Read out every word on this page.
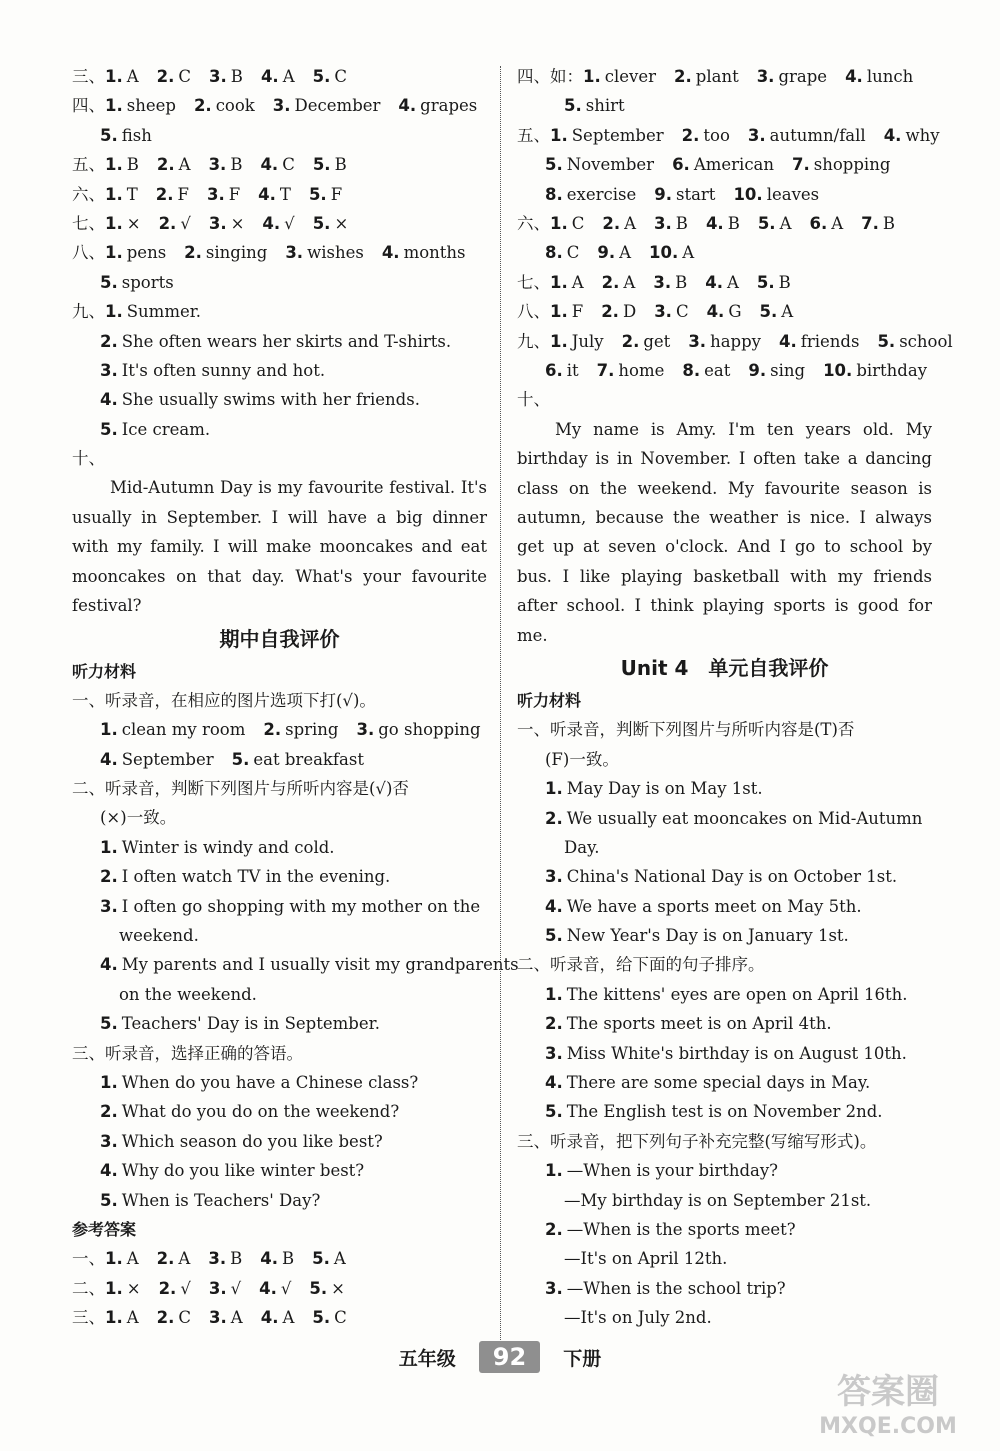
三、1. A 2. C 3. B 4. A 5. C
四、1. sheep 2. cook 3. December 4. grapes
5. fish
五、1. B 2. A 3. B 4. C 5. B
六、1. T 2. F 3. F 4. T 5. F
七、1. × 2. √ 3. × 4. √ 5. ×
八、1. pens 2. singing 3. wishes 4. months
5. sports
九、1. Summer.
2. She often wears her skirts and T-shirts.
3. It's often sunny and hot.
4. She usually swims with her friends.
5. Ice cream.
十、
Mid-Autumn Day is my favourite festival. It's usually in September. I will have a big dinner with my family. I will make mooncakes and eat mooncakes on that day. What's your favourite festival?
期中自我评价
听力材料
一、听录音，在相应的图片选项下打(√)。
1. clean my room 2. spring 3. go shopping
4. September 5. eat breakfast
二、听录音，判断下列图片与所听内容是(√)否
(×)一致。
1. Winter is windy and cold.
2. I often watch TV in the evening.
3. I often go shopping with my mother on the
weekend.
4. My parents and I usually visit my grandparents
on the weekend.
5. Teachers' Day is in September.
三、听录音，选择正确的答语。
1. When do you have a Chinese class?
2. What do you do on the weekend?
3. Which season do you like best?
4. Why do you like winter best?
5. When is Teachers' Day?
参考答案
一、1. A 2. A 3. B 4. B 5. A
二、1. × 2. √ 3. √ 4. √ 5. ×
三、1. A 2. C 3. A 4. A 5. C
四、如：1. clever 2. plant 3. grape 4. lunch
5. shirt
五、1. September 2. too 3. autumn/fall 4. why
5. November 6. American 7. shopping
8. exercise 9. start 10. leaves
六、1. C 2. A 3. B 4. B 5. A 6. A 7. B
8. C 9. A 10. A
七、1. A 2. A 3. B 4. A 5. B
八、1. F 2. D 3. C 4. G 5. A
九、1. July 2. get 3. happy 4. friends 5. school
6. it 7. home 8. eat 9. sing 10. birthday
十、
My name is Amy. I'm ten years old. My birthday is in November. I often take a dancing class on the weekend. My favourite season is autumn, because the weather is nice. I always get up at seven o'clock. And I go to school by bus. I like playing basketball with my friends after school. I think playing sports is good for me.
Unit 4　单元自我评价
听力材料
一、听录音，判断下列图片与所听内容是(T)否
(F)一致。
1. May Day is on May 1st.
2. We usually eat mooncakes on Mid-Autumn
Day.
3. China's National Day is on October 1st.
4. We have a sports meet on May 5th.
5. New Year's Day is on January 1st.
二、听录音，给下面的句子排序。
1. The kittens' eyes are open on April 16th.
2. The sports meet is on April 4th.
3. Miss White's birthday is on August 10th.
4. There are some special days in May.
5. The English test is on November 2nd.
三、听录音，把下列句子补充完整(写缩写形式)。
1. —When is your birthday?
—My birthday is on September 21st.
2. —When is the sports meet?
—It's on April 12th.
3. —When is the school trip?
—It's on July 2nd.
五年级 92 下册
答案圈
MXQE.COM
